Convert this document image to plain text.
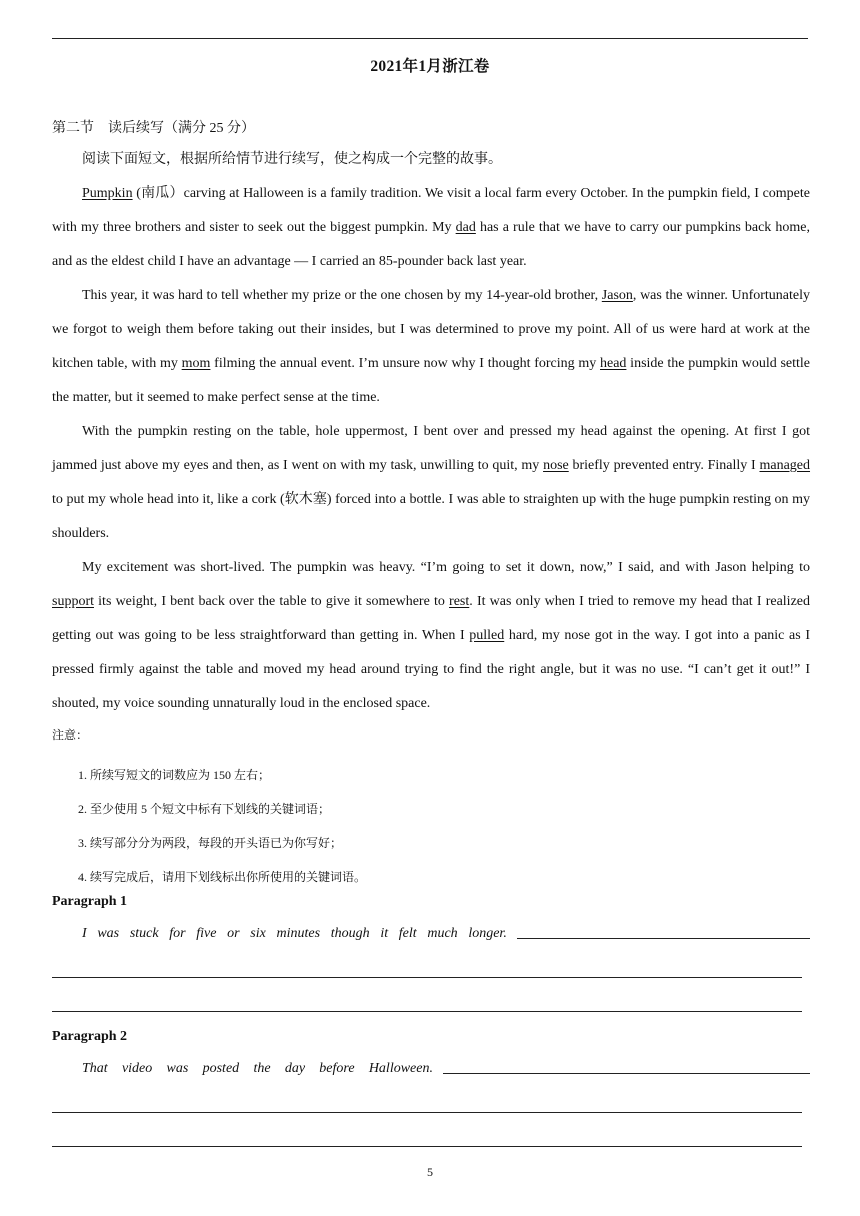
2021年1月浙江卷
第二节 读后续写（满分 25 分）

阅读下面短文，根据所给情节进行续写，使之构成一个完整的故事。

Pumpkin (南瓜）carving at Halloween is a family tradition. We visit a local farm every October. In the pumpkin field, I compete with my three brothers and sister to seek out the biggest pumpkin. My dad has a rule that we have to carry our pumpkins back home, and as the eldest child I have an advantage — I carried an 85-pounder back last year.

This year, it was hard to tell whether my prize or the one chosen by my 14-year-old brother, Jason, was the winner. Unfortunately we forgot to weigh them before taking out their insides, but I was determined to prove my point. All of us were hard at work at the kitchen table, with my mom filming the annual event. I’m unsure now why I thought forcing my head inside the pumpkin would settle the matter, but it seemed to make perfect sense at the time.

With the pumpkin resting on the table, hole uppermost, I bent over and pressed my head against the opening. At first I got jammed just above my eyes and then, as I went on with my task, unwilling to quit, my nose briefly prevented entry. Finally I managed to put my whole head into it, like a cork (软木塞) forced into a bottle. I was able to straighten up with the huge pumpkin resting on my shoulders.

My excitement was short-lived. The pumpkin was heavy. “I’m going to set it down, now,” I said, and with Jason helping to support its weight, I bent back over the table to give it somewhere to rest. It was only when I tried to remove my head that I realized getting out was going to be less straightforward than getting in. When I pulled hard, my nose got in the way. I got into a panic as I pressed firmly against the table and moved my head around trying to find the right angle, but it was no use. “I can’t get it out!” I shouted, my voice sounding unnaturally loud in the enclosed space.

注意：
1. 所续写短文的词数应为 150 左右；
2. 至少使用 5 个短文中标有下划线的关键词语；
3. 续写部分分为两段，每段的开头语已为你写好；
4. 续写完成后，请用下划线标出你所使用的关键词语。
Paragraph 1
I was stuck for five or six minutes though it felt much longer.
Paragraph 2
That video was posted the day before Halloween.
5
